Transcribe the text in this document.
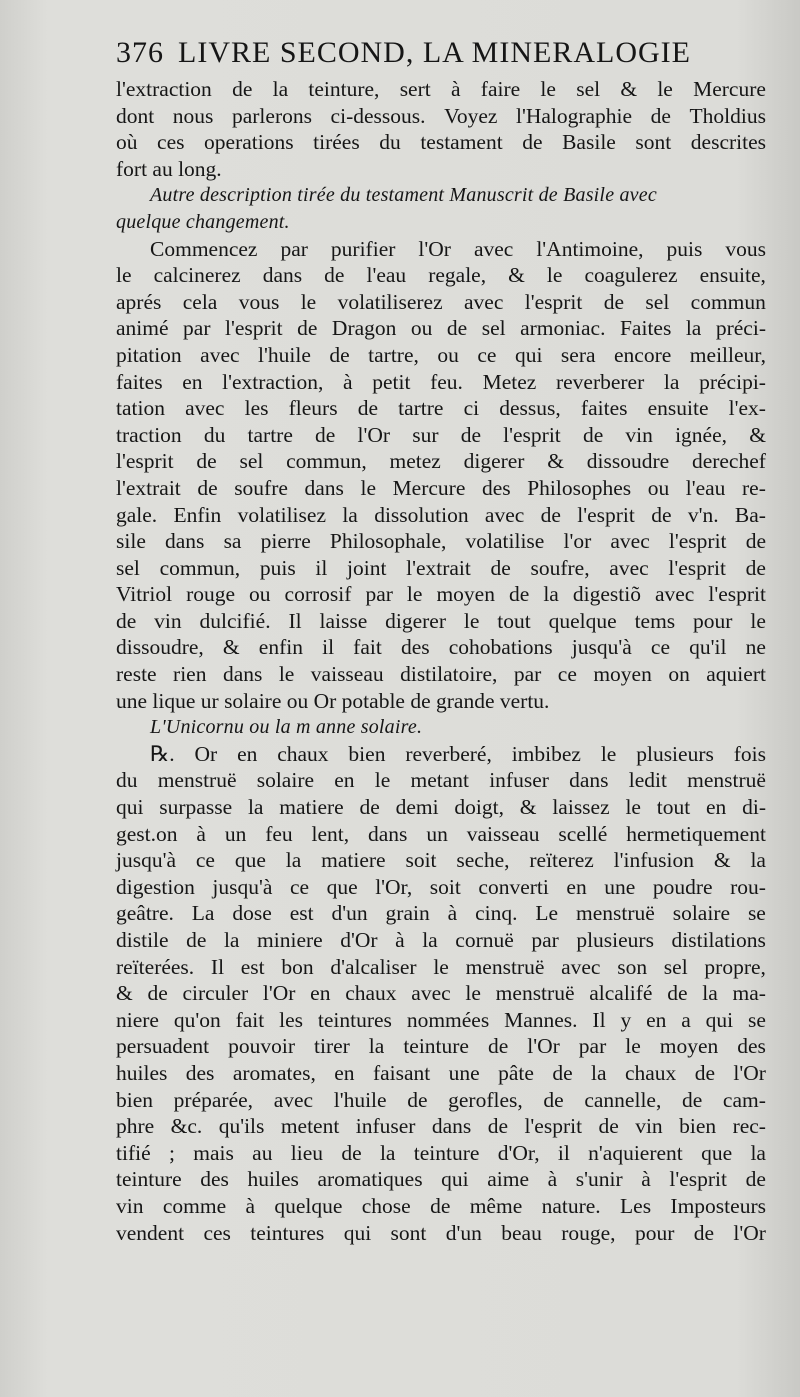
376 LIVRE SECOND, LA MINERALOGIE
l'extraction de la teinture, sert à faire le sel & le Mercure
dont nous parlerons ci-dessous. Voyez l'Halographie de Tholdius
où ces operations tirées du testament de Basile sont descrites
fort au long.
Autre description tirée du testament Manuscrit de Basile avec
quelque changement.
Commencez par purifier l'Or avec l'Antimoine, puis vous
le calcinerez dans de l'eau regale, & le coagulerez ensuite,
aprés cela vous le volatiliserez avec l'esprit de sel commun
animé par l'esprit de Dragon ou de sel armoniac. Faites la préci-
pitation avec l'huile de tartre, ou ce qui sera encore meilleur,
faites en l'extraction, à petit feu. Metez reverberer la précipi-
tation avec les fleurs de tartre ci dessus, faites ensuite l'ex-
traction du tartre de l'Or sur de l'esprit de vin ignée, &
l'esprit de sel commun, metez digerer & dissoudre derechef
l'extrait de soufre dans le Mercure des Philosophes ou l'eau re-
gale. Enfin volatilisez la dissolution avec de l'esprit de v'n. Ba-
sile dans sa pierre Philosophale, volatilise l'or avec l'esprit de
sel commun, puis il joint l'extrait de soufre, avec l'esprit de
Vitriol rouge ou corrosif par le moyen de la digestiõ avec l'esprit
de vin dulcifié. Il laisse digerer le tout quelque tems pour le
dissoudre, & enfin il fait des cohobations jusqu'à ce qu'il ne
reste rien dans le vaisseau distilatoire, par ce moyen on aquiert
une lique ur solaire ou Or potable de grande vertu.
L'Unicornu ou la m anne solaire.
℞. Or en chaux bien reverberé, imbibez le plusieurs fois
du menstruë solaire en le metant infuser dans ledit menstruë
qui surpasse la matiere de demi doigt, & laissez le tout en di-
gest.on à un feu lent, dans un vaisseau scellé hermetiquement
jusqu'à ce que la matiere soit seche, reïterez l'infusion & la
digestion jusqu'à ce que l'Or, soit converti en une poudre rou-
geâtre. La dose est d'un grain à cinq. Le menstruë solaire se
distile de la miniere d'Or à la cornuë par plusieurs distilations
reïterées. Il est bon d'alcaliser le menstruë avec son sel propre,
& de circuler l'Or en chaux avec le menstruë alcalifé de la ma-
niere qu'on fait les teintures nommées Mannes. Il y en a qui se
persuadent pouvoir tirer la teinture de l'Or par le moyen des
huiles des aromates, en faisant une pâte de la chaux de l'Or
bien préparée, avec l'huile de gerofles, de cannelle, de cam-
phre &c. qu'ils metent infuser dans de l'esprit de vin bien rec-
tifié ; mais au lieu de la teinture d'Or, il n'aquierent que la
teinture des huiles aromatiques qui aime à s'unir à l'esprit de
vin comme à quelque chose de même nature. Les Imposteurs
vendent ces teintures qui sont d'un beau rouge, pour de l'Or
